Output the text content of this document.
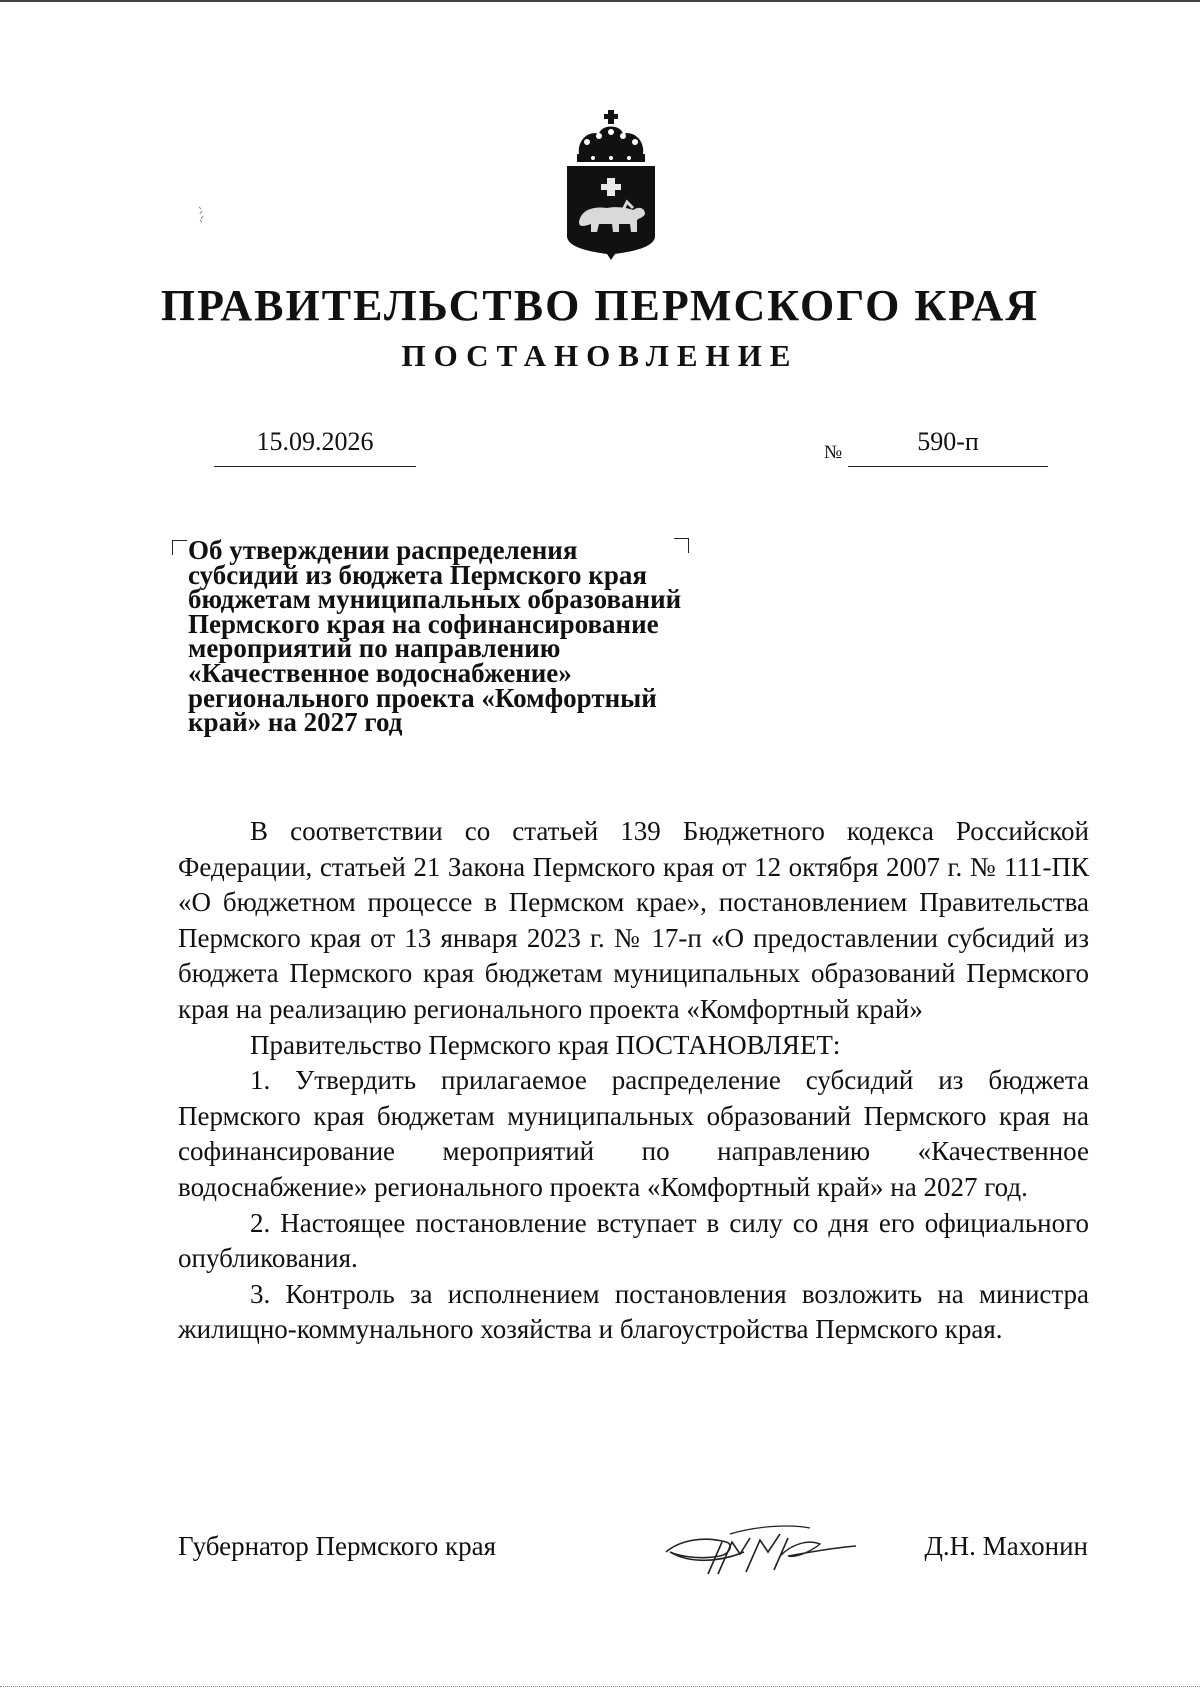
ПРАВИТЕЛЬСТВО ПЕРМСКОГО КРАЯ
ПОСТАНОВЛЕНИЕ
15.09.2026	№	590-п
Об утверждении распределения
субсидий из бюджета Пермского края
бюджетам муниципальных образований
Пермского края на софинансирование
мероприятий по направлению
«Качественное водоснабжение»
регионального проекта «Комфортный
край» на 2027 год

В соответствии со статьей 139 Бюджетного кодекса Российской Федерации, статьей 21 Закона Пермского края от 12 октября 2007 г. № 111-ПК «О бюджетном процессе в Пермском крае», постановлением Правительства Пермского края от 13 января 2023 г. № 17-п «О предоставлении субсидий из бюджета Пермского края бюджетам муниципальных образований Пермского края на реализацию регионального проекта «Комфортный край»

Правительство Пермского края ПОСТАНОВЛЯЕТ:

1. Утвердить прилагаемое распределение субсидий из бюджета Пермского края бюджетам муниципальных образований Пермского края на софинансирование мероприятий по направлению «Качественное водоснабжение» регионального проекта «Комфортный край» на 2027 год.

2. Настоящее постановление вступает в силу со дня его официального опубликования.

3. Контроль за исполнением постановления возложить на министра жилищно-коммунального хозяйства и благоустройства Пермского края.

Губернатор Пермского края	Д.Н. Махонин
